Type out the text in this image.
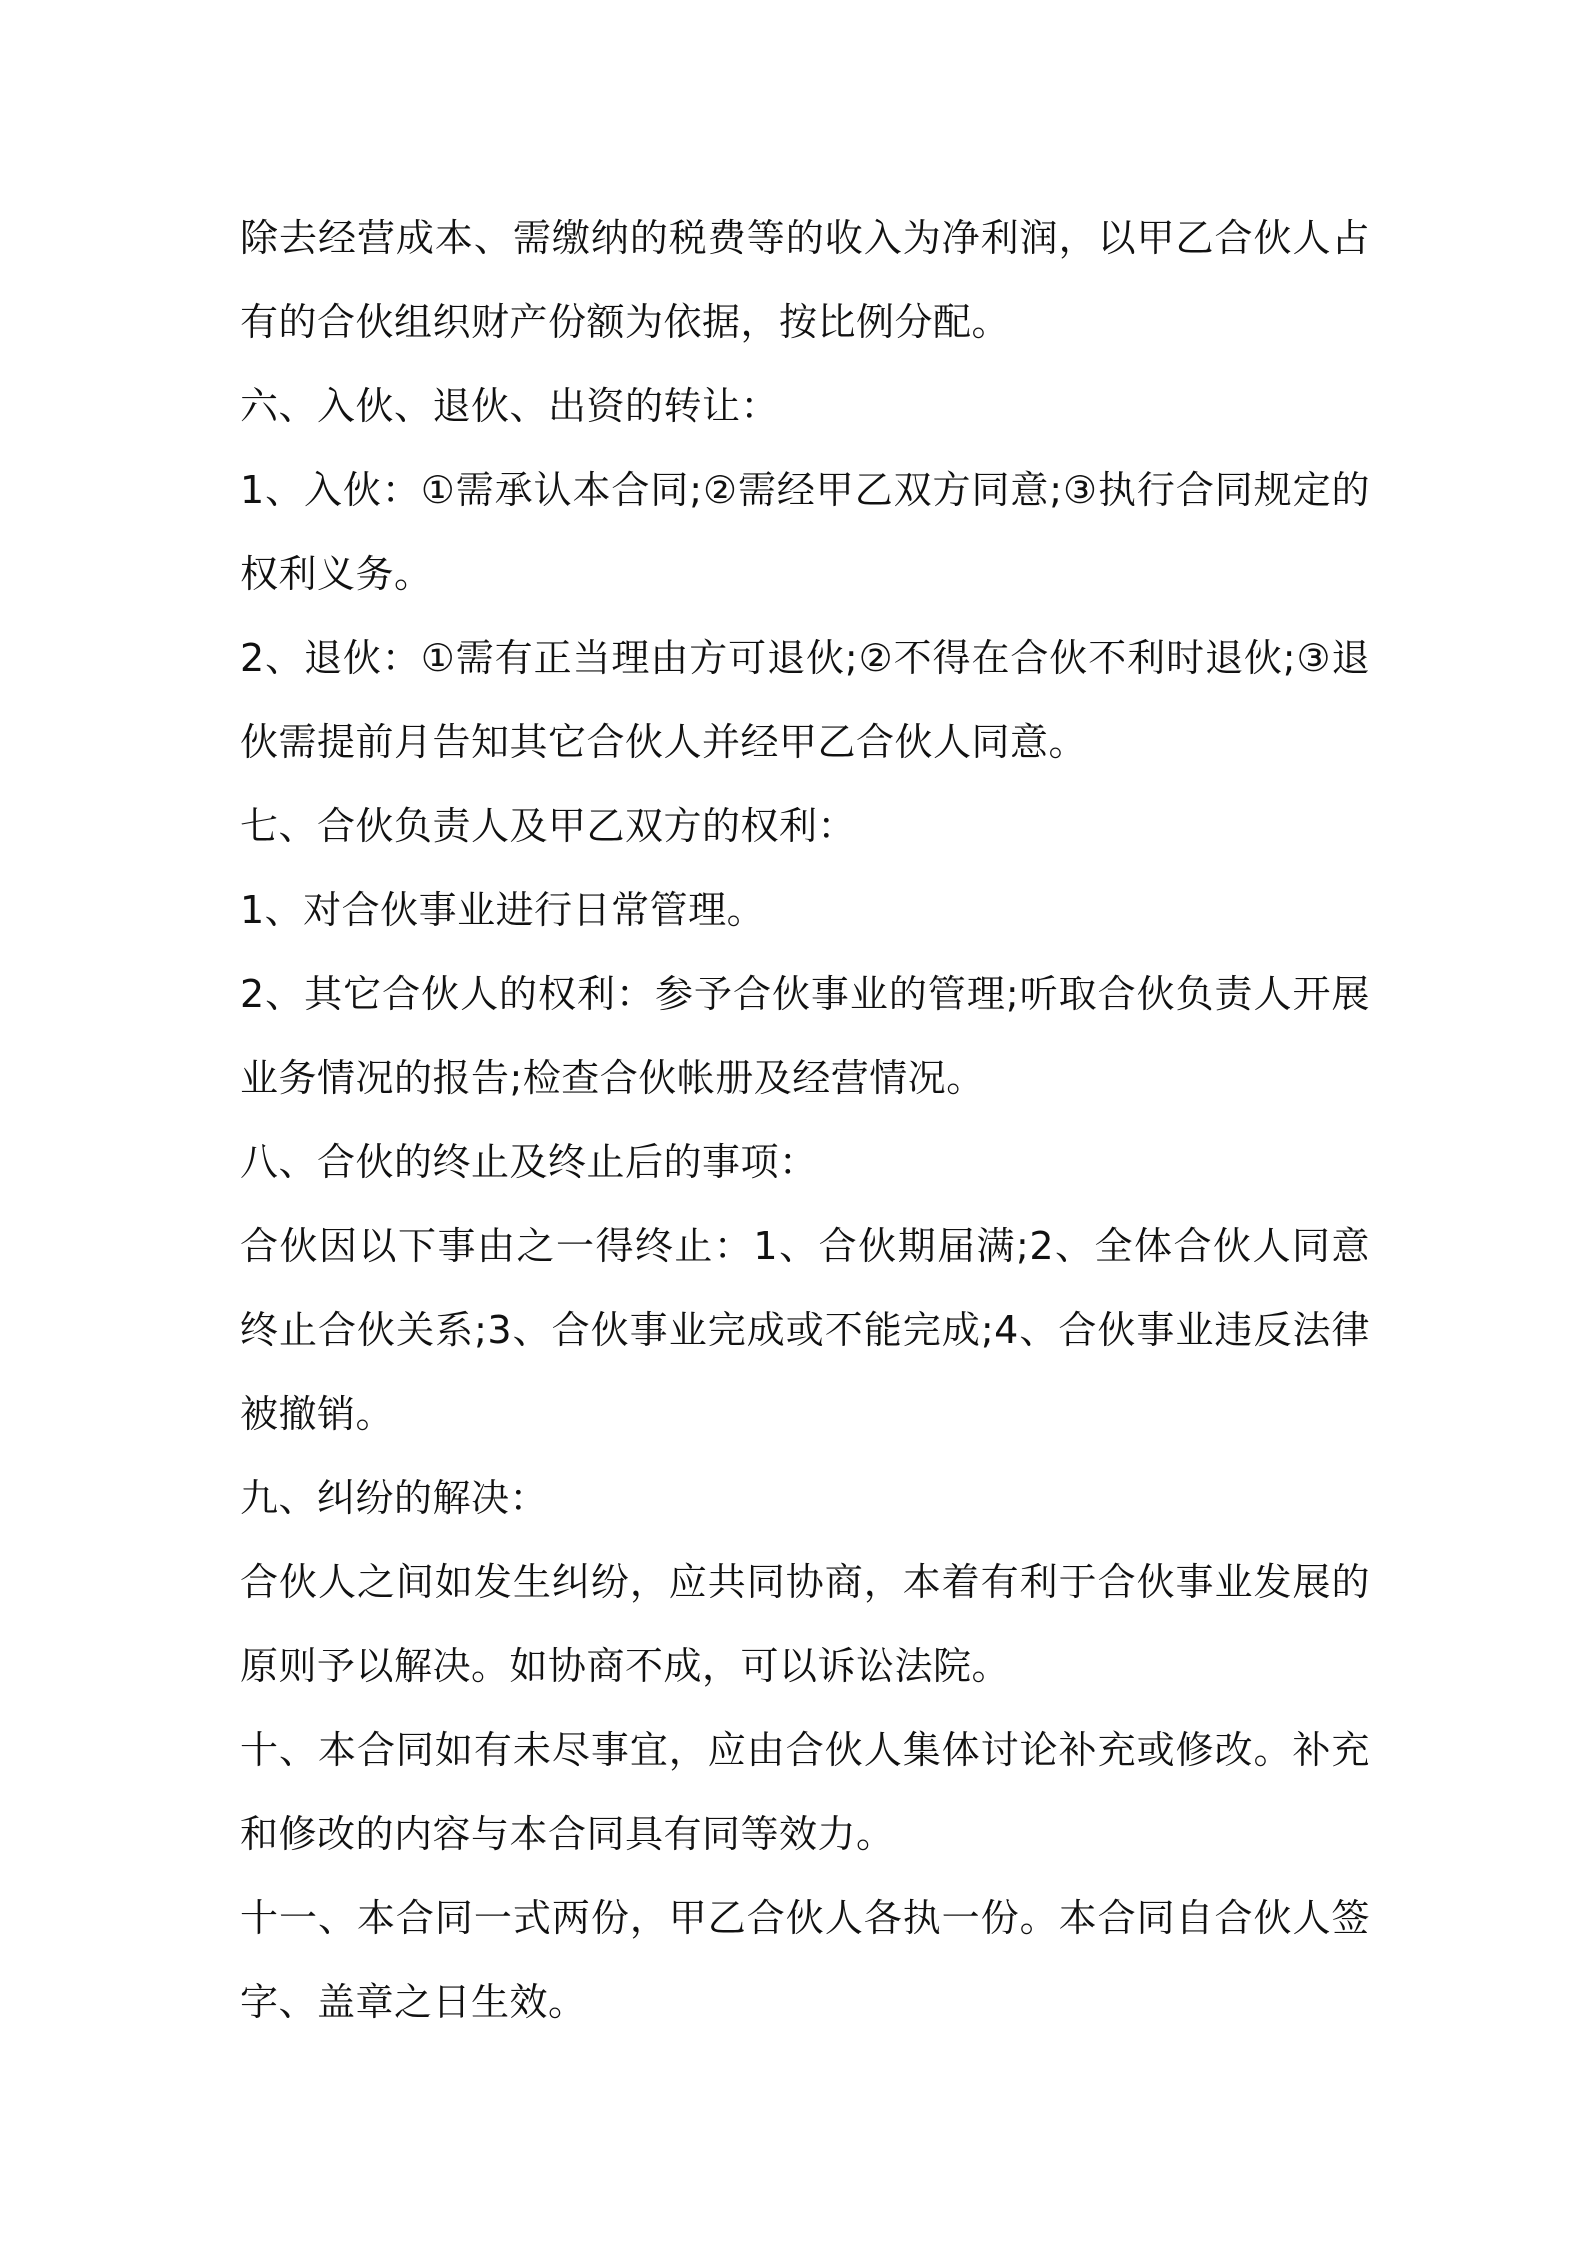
除去经营成本、需缴纳的税费等的收入为净利润，以甲乙合伙人占有的合伙组织财产份额为依据，按比例分配。

六、入伙、退伙、出资的转让：

1、入伙：①需承认本合同;②需经甲乙双方同意;③执行合同规定的权利义务。

2、退伙：①需有正当理由方可退伙;②不得在合伙不利时退伙;③退伙需提前月告知其它合伙人并经甲乙合伙人同意。

七、合伙负责人及甲乙双方的权利：

1、对合伙事业进行日常管理。

2、其它合伙人的权利：参予合伙事业的管理;听取合伙负责人开展业务情况的报告;检查合伙帐册及经营情况。

八、合伙的终止及终止后的事项：

合伙因以下事由之一得终止：1、合伙期届满;2、全体合伙人同意终止合伙关系;3、合伙事业完成或不能完成;4、合伙事业违反法律被撤销。

九、纠纷的解决：

合伙人之间如发生纠纷，应共同协商，本着有利于合伙事业发展的原则予以解决。如协商不成，可以诉讼法院。

十、本合同如有未尽事宜，应由合伙人集体讨论补充或修改。补充和修改的内容与本合同具有同等效力。

十一、本合同一式两份，甲乙合伙人各执一份。本合同自合伙人签字、盖章之日生效。
